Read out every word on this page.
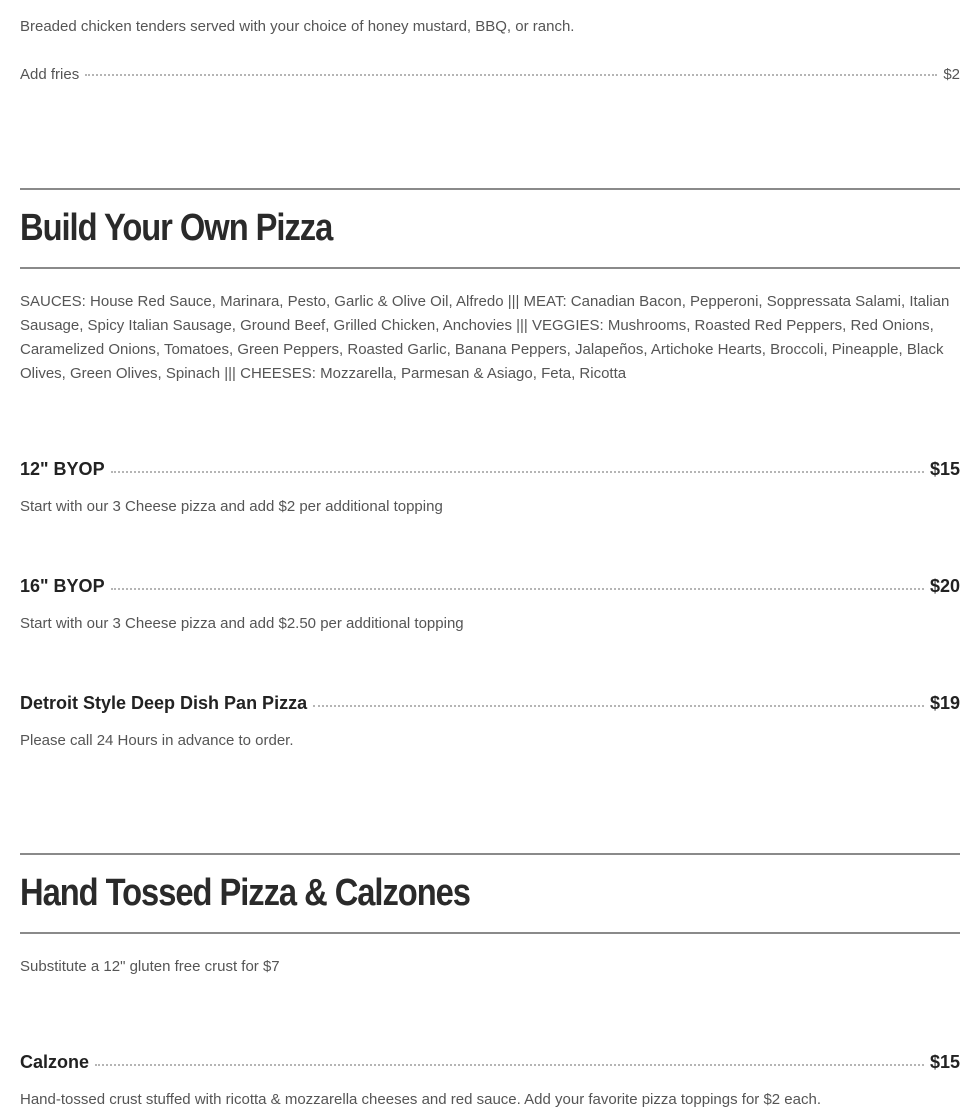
Breaded chicken tenders served with your choice of honey mustard, BBQ, or ranch.
Add fries	$2
Build Your Own Pizza
SAUCES: House Red Sauce, Marinara, Pesto, Garlic & Olive Oil, Alfredo ||| MEAT: Canadian Bacon, Pepperoni, Soppressata Salami, Italian Sausage, Spicy Italian Sausage, Ground Beef, Grilled Chicken, Anchovies ||| VEGGIES: Mushrooms, Roasted Red Peppers, Red Onions, Caramelized Onions, Tomatoes, Green Peppers, Roasted Garlic, Banana Peppers, Jalapeños, Artichoke Hearts, Broccoli, Pineapple, Black Olives, Green Olives, Spinach ||| CHEESES: Mozzarella, Parmesan & Asiago, Feta, Ricotta
12" BYOP	$15
Start with our 3 Cheese pizza and add $2 per additional topping
16" BYOP	$20
Start with our 3 Cheese pizza and add $2.50 per additional topping
Detroit Style Deep Dish Pan Pizza	$19
Please call 24 Hours in advance to order.
Hand Tossed Pizza & Calzones
Substitute a 12" gluten free crust for $7
Calzone	$15
Hand-tossed crust stuffed with ricotta & mozzarella cheeses and red sauce. Add your favorite pizza toppings for $2 each.
